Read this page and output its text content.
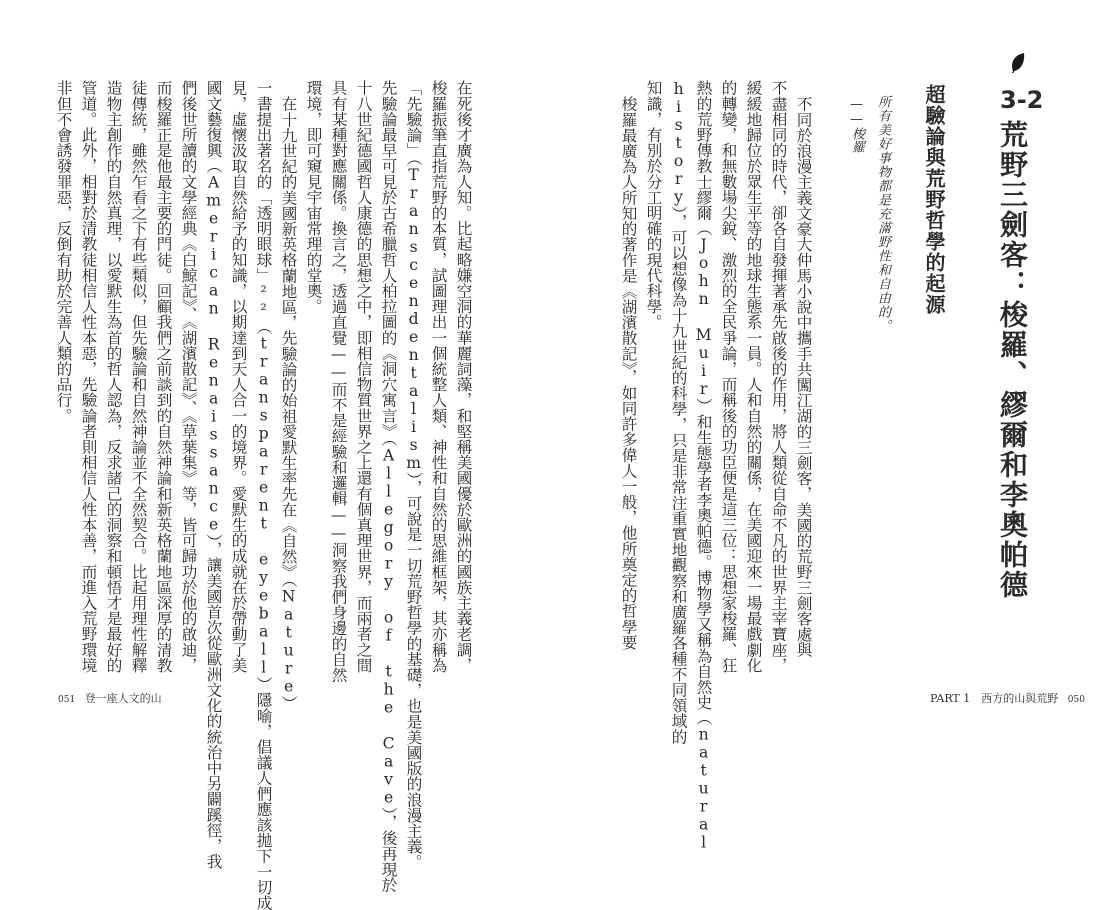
在死後才廣為人知。比起略嫌空洞的華麗詞藻，和堅稱美國優於歐洲的國族主義老調，
梭羅振筆直指荒野的本質，試圖理出一個統整人類、神性和自然的思維框架，其亦稱為
「先驗論」（Transcendentalism），可說是一切荒野哲學的基礎，也是美國版的浪漫主義。
先驗論最早可見於古希臘哲人柏拉圖的《洞穴寓言》（Allegory of the Cave），後再現於
十八世紀德國哲人康德的思想之中，即相信物質世界之上還有個真理世界，而兩者之間
具有某種對應關係。換言之，透過直覺——而不是經驗和邏輯——洞察我們身邊的自然
環境，即可窺見宇宙常理的堂奧。
在十九世紀的美國新英格蘭地區，先驗論的始祖愛默生率先在《自然》（Nature）
一書提出著名的「透明眼球」²²（transparent eyeball）隱喻，倡議人們應該拋下一切成
見，虛懷汲取自然給予的知識，以期達到天人合一的境界。愛默生的成就在於帶動了美
國文藝復興（American Renaissance），讓美國首次從歐洲文化的統治中另闢蹊徑，我
們後世所讀的文學經典《白鯨記》、《湖濱散記》、《草葉集》等，皆可歸功於他的啟迪，
而梭羅正是他最主要的門徒。回顧我們之前談到的自然神論和新英格蘭地區深厚的清教
徒傳統，雖然乍看之下有些類似，但先驗論和自然神論並不全然契合。比起用理性解釋
造物主創作的自然真理，以愛默生為首的哲人認為，反求諸己的洞察和頓悟才是最好的
管道。此外，相對於清教徒相信人性本惡，先驗論者則相信人性本善，而進入荒野環境
非但不會誘發罪惡，反倒有助於完善人類的品行。
051 登一座人文的山
3-2
荒野三劍客：梭羅、繆爾和李奧帕德
超驗論與荒野哲學的起源
所有美好事物都是充滿野性和自由的。
——梭羅
不同於浪漫主義文豪大仲馬小說中攜手共闖江湖的三劍客，美國的荒野三劍客處與
不盡相同的時代，卻各自發揮著承先啟後的作用，將人類從自命不凡的世界主宰寶座，
緩緩地歸位於眾生平等的地球生態系一員。人和自然的關係，在美國迎來一場最戲劇化
的轉變，和無數場尖銳、激烈的全民爭論，而稱後的功臣便是這三位：思想家梭羅、狂
熱的荒野傳教士繆爾（John Muir）和生態學者李奧帕德。博物學又稱為自然史（natural
history），可以想像為十九世紀的科學，只是非常注重實地觀察和廣羅各種不同領域的
知識，有別於分工明確的現代科學。
梭羅最廣為人所知的著作是《湖濱散記》，如同許多偉人一般，他所奠定的哲學要
PART 1　西方的山與荒野 050
